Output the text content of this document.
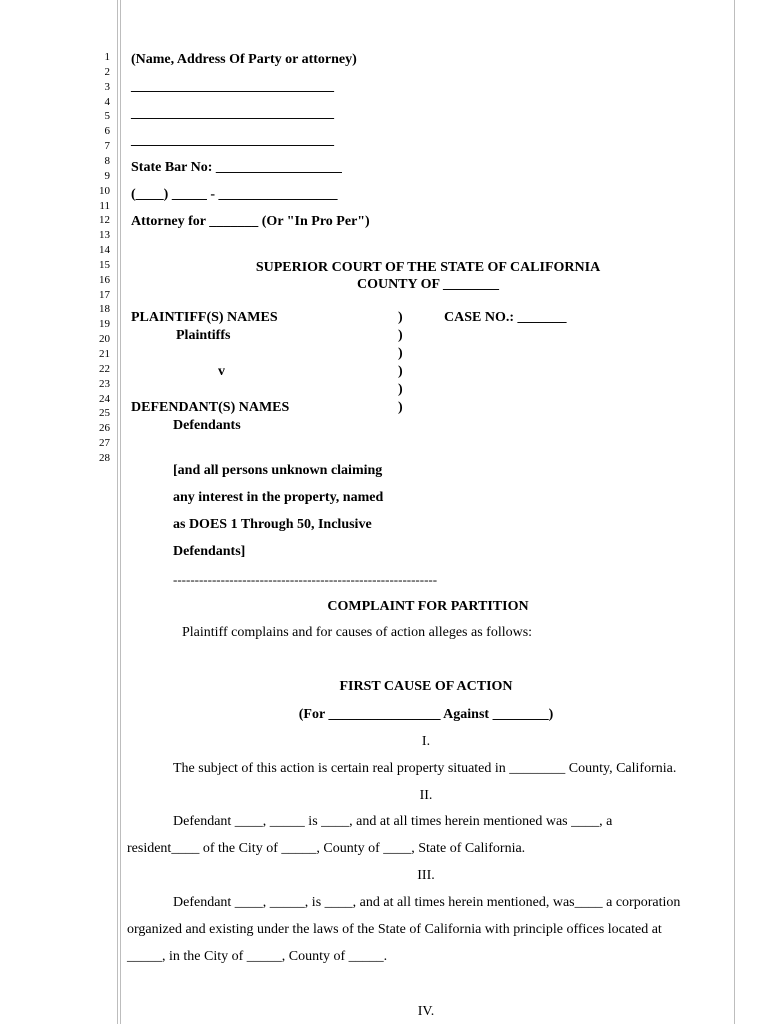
1
2
3
4
5
6
7
8
9
10
11
12
13
14
15
16
17
18
19
20
21
22
23
24
25
26
27
28
(Name, Address Of Party or attorney)
_____________________________
_____________________________
_____________________________
State Bar No: __________________
(____) _____ - _________________
Attorney for _______ (Or "In Pro Per")
SUPERIOR COURT OF THE STATE OF CALIFORNIA
COUNTY OF ________
PLAINTIFF(S) NAMES
Plaintiffs
v
DEFENDANT(S) NAMES
Defendants
)
)
)
)
)
)
CASE NO.: _______
[and all persons unknown claiming
any interest in the property, named
as DOES 1 Through 50, Inclusive
Defendants]
-------------------------------------------------------------
COMPLAINT FOR PARTITION
Plaintiff complains and for causes of action alleges as follows:
FIRST CAUSE OF ACTION
(For ________________ Against ________)
I.
The subject of this action is certain real property situated in ________ County, California.
II.
Defendant ____, _____ is ____, and at all times herein mentioned was ____, a
resident____ of the City of _____, County of ____, State of California.
III.
Defendant ____, _____, is ____, and at all times herein mentioned, was____ a corporation
organized and existing under the laws of the State of California with principle offices located at
_____, in the City of _____, County of _____.
IV.
